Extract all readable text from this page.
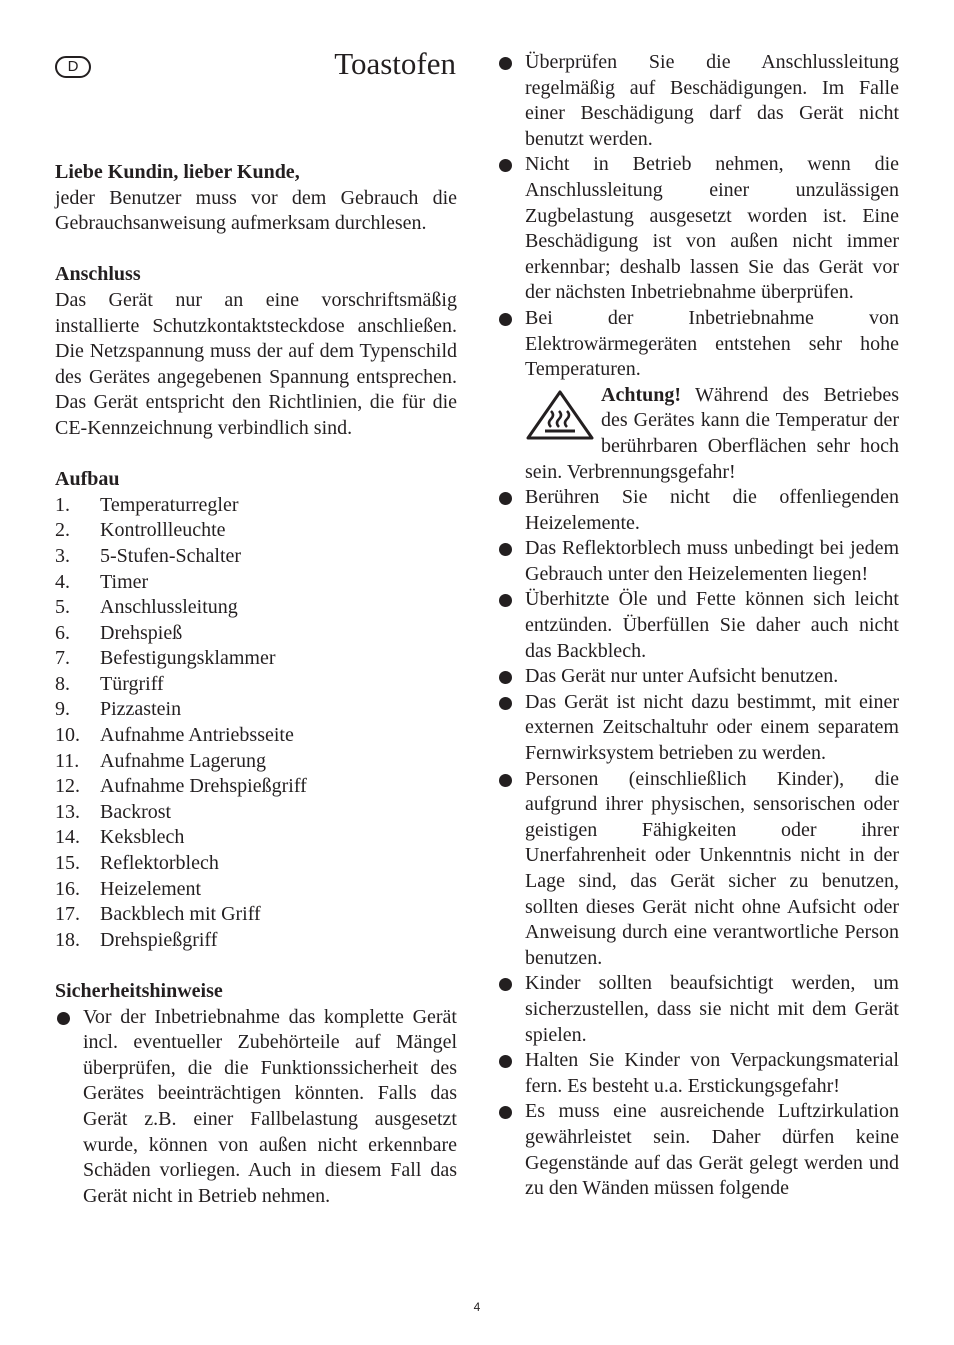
D	Toastofen
Liebe Kundin, lieber Kunde,

jeder Benutzer muss vor dem Gebrauch die Gebrauchsanweisung aufmerksam durchlesen.

Anschluss

Das Gerät nur an eine vorschriftsmäßig installierte Schutzkontaktsteckdose anschließen. Die Netzspannung muss der auf dem Typenschild des Gerätes angegebenen Spannung entsprechen. Das Gerät entspricht den Richtlinien, die für die CE-Kennzeichnung verbindlich sind.

Aufbau
1.	Temperaturregler
2.	Kontrollleuchte
3.	5-Stufen-Schalter
4.	Timer
5.	Anschlussleitung
6.	Drehspieß
7.	Befestigungsklammer
8.	Türgriff
9.	Pizzastein
10.	Aufnahme Antriebsseite
11.	Aufnahme Lagerung
12.	Aufnahme Drehspießgriff
13.	Backrost
14.	Keksblech
15.	Reflektorblech
16.	Heizelement
17.	Backblech mit Griff
18.	Drehspießgriff
Sicherheitshinweise
Vor der Inbetriebnahme das komplette Gerät incl. eventueller Zubehörteile auf Mängel überprüfen, die die Funktionssicherheit des Gerätes beeinträchtigen könnten. Falls das Gerät z.B. einer Fallbelastung ausgesetzt wurde, können von außen nicht erkennbare Schäden vorliegen. Auch in diesem Fall das Gerät nicht in Betrieb nehmen.
Überprüfen Sie die Anschlussleitung regelmäßig auf Beschädigungen. Im Falle einer Beschädigung darf das Gerät nicht benutzt werden.
Nicht in Betrieb nehmen, wenn die Anschlussleitung einer unzulässigen Zugbelastung ausgesetzt worden ist. Eine Beschädigung ist von außen nicht immer erkennbar; deshalb lassen Sie das Gerät vor der nächsten Inbetriebnahme überprüfen.
Bei der Inbetriebnahme von Elektrowärmegeräten entstehen sehr hohe Temperaturen.
Achtung! Während des Betriebes des Gerätes kann die Temperatur der berührbaren Oberflächen sehr hoch sein. Verbrennungsgefahr!
Berühren Sie nicht die offenliegenden Heizelemente.
Das Reflektorblech muss unbedingt bei jedem Gebrauch unter den Heizelementen liegen!
Überhitzte Öle und Fette können sich leicht entzünden. Überfüllen Sie daher auch nicht das Backblech.
Das Gerät nur unter Aufsicht benutzen.
Das Gerät ist nicht dazu bestimmt, mit einer externen Zeitschaltuhr oder einem separatem Fernwirksystem betrieben zu werden.
Personen (einschließlich Kinder), die aufgrund ihrer physischen, sensorischen oder geistigen Fähigkeiten oder ihrer Unerfahrenheit oder Unkenntnis nicht in der Lage sind, das Gerät sicher zu benutzen, sollten dieses Gerät nicht ohne Aufsicht oder Anweisung durch eine verantwortliche Person benutzen.
Kinder sollten beaufsichtigt werden, um sicherzustellen, dass sie nicht mit dem Gerät spielen.
Halten Sie Kinder von Verpackungsmaterial fern. Es besteht u.a. Erstickungsgefahr!
Es muss eine ausreichende Luftzirkulation gewährleistet sein. Daher dürfen keine Gegenstände auf das Gerät gelegt werden und zu den Wänden müssen folgende
4
